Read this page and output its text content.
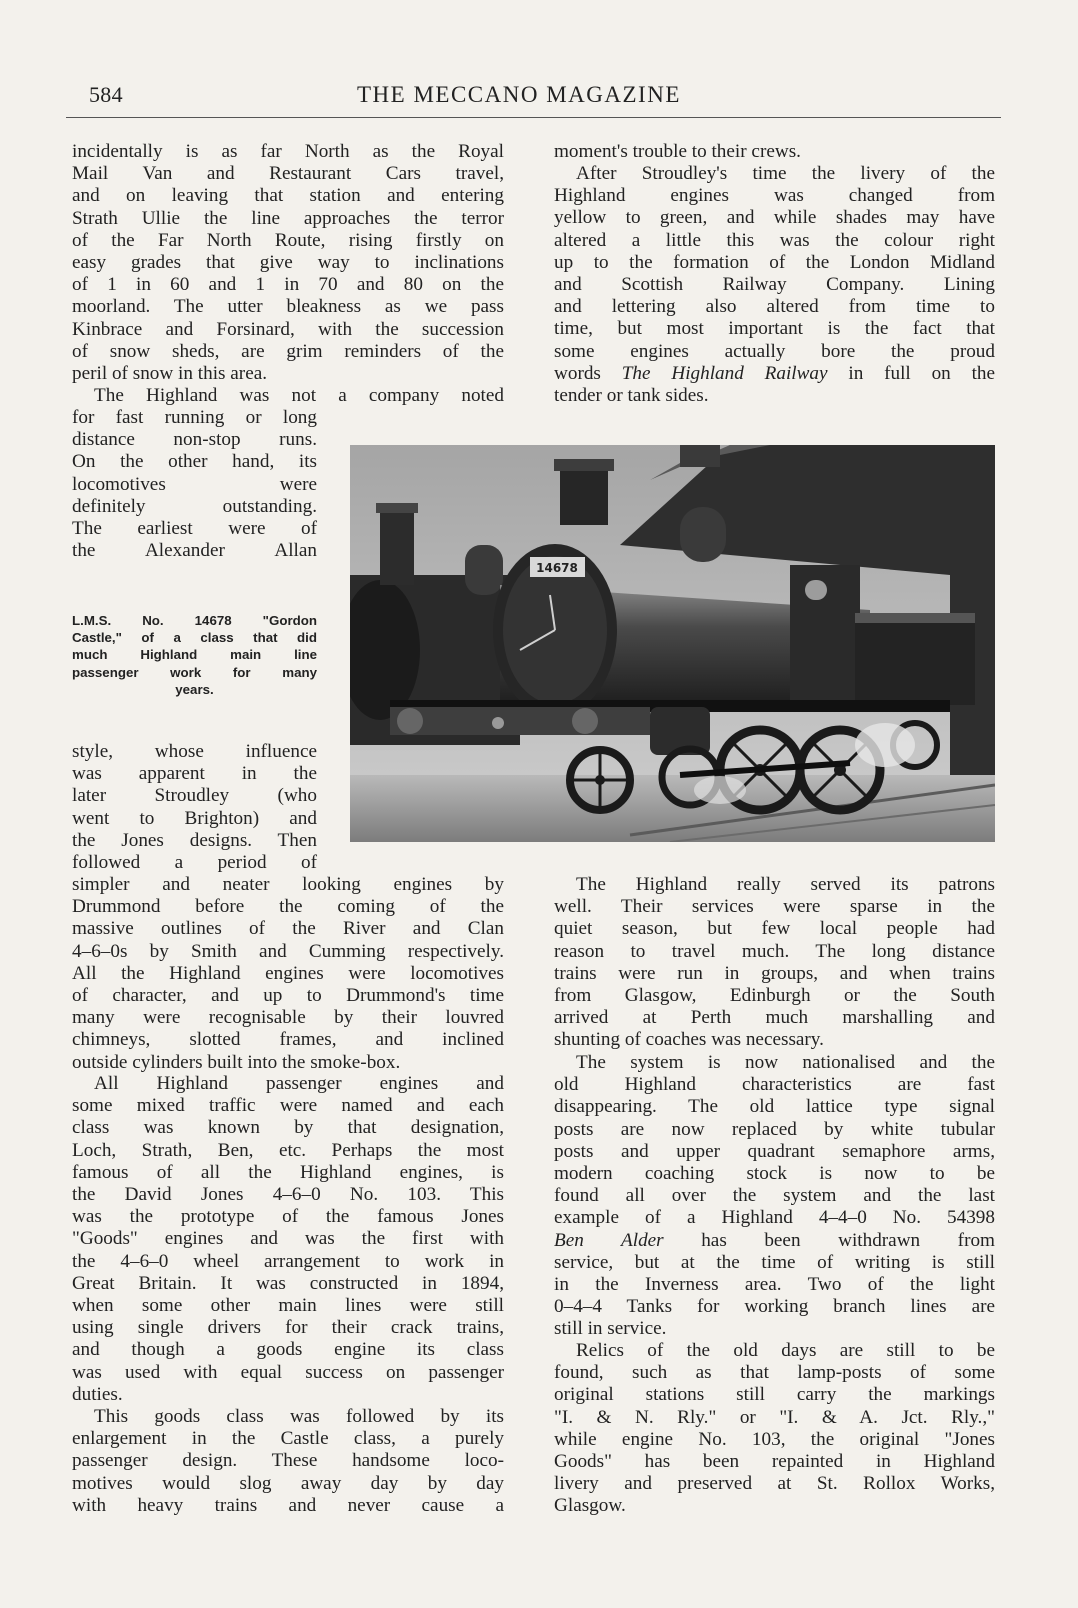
584	THE MECCANO MAGAZINE
incidentally is as far North as the Royal
Mail Van and Restaurant Cars travel,
and on leaving that station and entering
Strath Ullie the line approaches the terror
of the Far North Route, rising firstly on
easy grades that give way to inclinations
of 1 in 60 and 1 in 70 and 80 on the
moorland. The utter bleakness as we pass
Kinbrace and Forsinard, with the succession
of snow sheds, are grim reminders of the
peril of snow in this area.
The Highland was not a company noted
for fast running or long
distance non-stop runs.
On the other hand, its
locomotives were
definitely outstanding.
The earliest were of
the Alexander Allan
L.M.S. No. 14678 "Gordon
Castle," of a class that did
much Highland main line
passenger work for many
years.
style, whose influence
was apparent in the
later Stroudley (who
went to Brighton) and
the Jones designs. Then
followed a period of
simpler and neater looking engines by
Drummond before the coming of the
massive outlines of the River and Clan
4–6–0s by Smith and Cumming respectively.
All the Highland engines were locomotives
of character, and up to Drummond's time
many were recognisable by their louvred
chimneys, slotted frames, and inclined
outside cylinders built into the smoke-box.
All Highland passenger engines and
some mixed traffic were named and each
class was known by that designation,
Loch, Strath, Ben, etc. Perhaps the most
famous of all the Highland engines, is
the David Jones 4–6–0 No. 103. This
was the prototype of the famous Jones
"Goods" engines and was the first with
the 4–6–0 wheel arrangement to work in
Great Britain. It was constructed in 1894,
when some other main lines were still
using single drivers for their crack trains,
and though a goods engine its class
was used with equal success on passenger
duties.
This goods class was followed by its
enlargement in the Castle class, a purely
passenger design. These handsome loco-
motives would slog away day by day
with heavy trains and never cause a
moment's trouble to their crews.
After Stroudley's time the livery of the
Highland engines was changed from
yellow to green, and while shades may have
altered a little this was the colour right
up to the formation of the London Midland
and Scottish Railway Company. Lining
and lettering also altered from time to
time, but most important is the fact that
some engines actually bore the proud
words The Highland Railway in full on the
tender or tank sides.
The Highland really served its patrons
well. Their services were sparse in the
quiet season, but few local people had
reason to travel much. The long distance
trains were run in groups, and when trains
from Glasgow, Edinburgh or the South
arrived at Perth much marshalling and
shunting of coaches was necessary.
The system is now nationalised and the
old Highland characteristics are fast
disappearing. The old lattice type signal
posts are now replaced by white tubular
posts and upper quadrant semaphore arms,
modern coaching stock is now to be
found all over the system and the last
example of a Highland 4–4–0 No. 54398
Ben Alder has been withdrawn from
service, but at the time of writing is still
in the Inverness area. Two of the light
0–4–4 Tanks for working branch lines are
still in service.
Relics of the old days are still to be
found, such as that lamp-posts of some
original stations still carry the markings
"I. & N. Rly." or "I. & A. Jct. Rly.,"
while engine No. 103, the original "Jones
Goods" has been repainted in Highland
livery and preserved at St. Rollox Works,
Glasgow.
14678
